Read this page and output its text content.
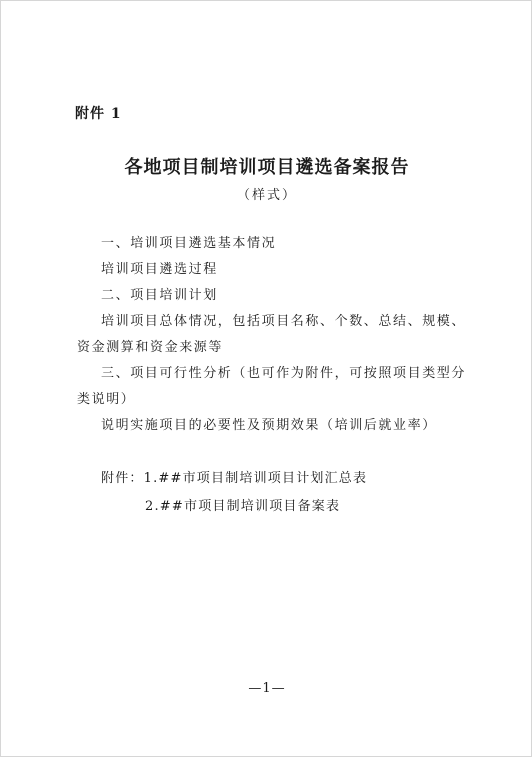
附件 1
各地项目制培训项目遴选备案报告
（样式）

一、培训项目遴选基本情况

培训项目遴选过程

二、项目培训计划

培训项目总体情况，包括项目名称、个数、总结、规模、资金测算和资金来源等

三、项目可行性分析（也可作为附件，可按照项目类型分类说明）

说明实施项目的必要性及预期效果（培训后就业率）

附件：1.##市项目制培训项目计划汇总表
2.##市项目制培训项目备案表
—1—
